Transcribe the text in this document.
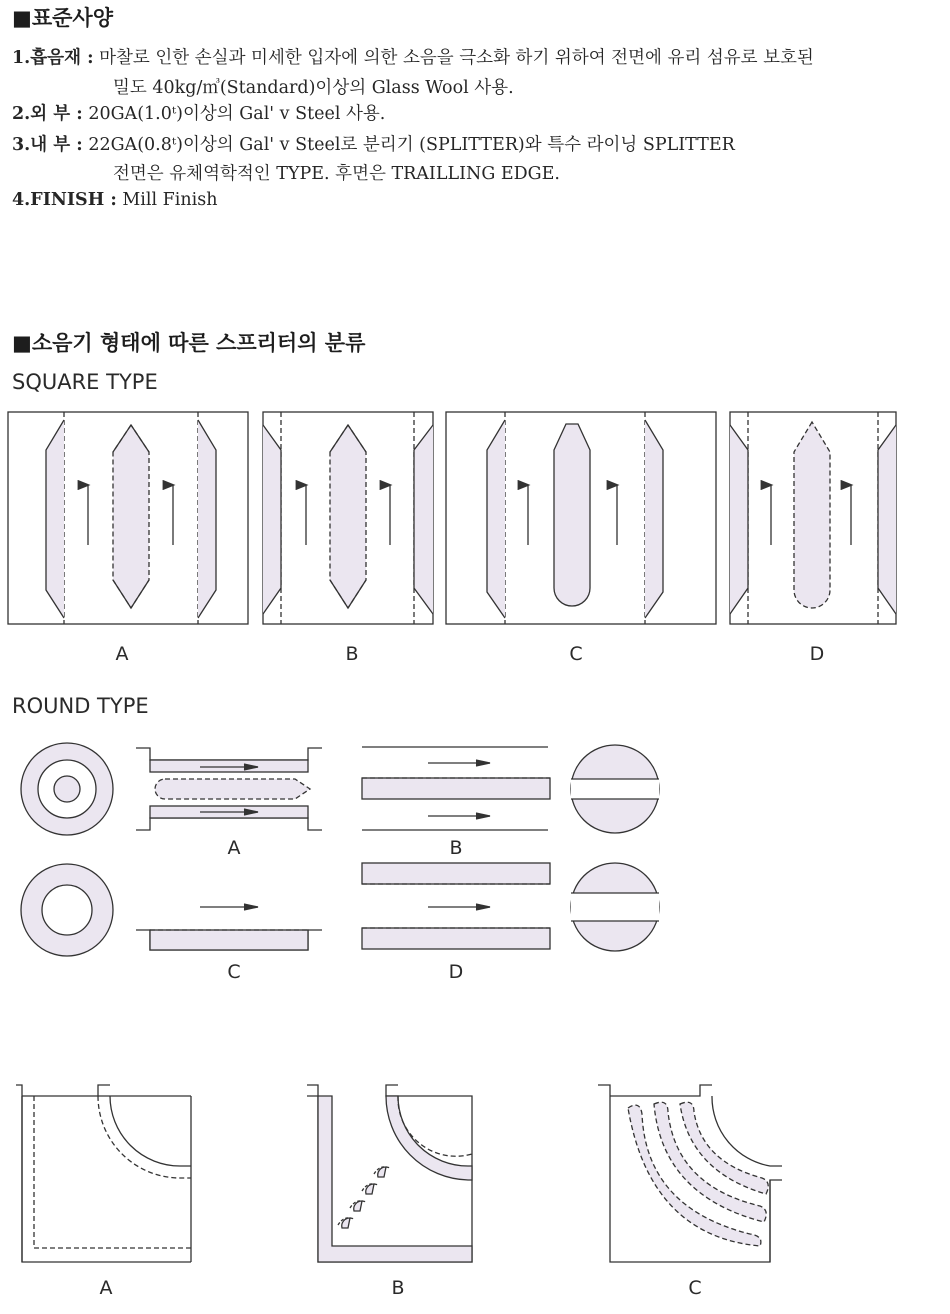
■표준사양
1.흡음재 : 마찰로 인한 손실과 미세한 입자에 의한 소음을 극소화 하기 위하여 전면에 유리 섬유로 보호된
밀도 40kg/㎥(Standard)이상의 Glass Wool 사용.
2.외 부 : 20GA(1.0ᵗ)이상의 Gal' v Steel 사용.
3.내 부 : 22GA(0.8ᵗ)이상의 Gal' v Steel로 분리기 (SPLITTER)와 특수 라이닝 SPLITTER
전면은 유체역학적인 TYPE. 후면은 TRAILLING EDGE.
4.FINISH : Mill Finish
■소음기 형태에 따른 스프리터의 분류
SQUARE TYPE
ROUND TYPE
A	B	C	D
A	B
C	D
A	B	C
